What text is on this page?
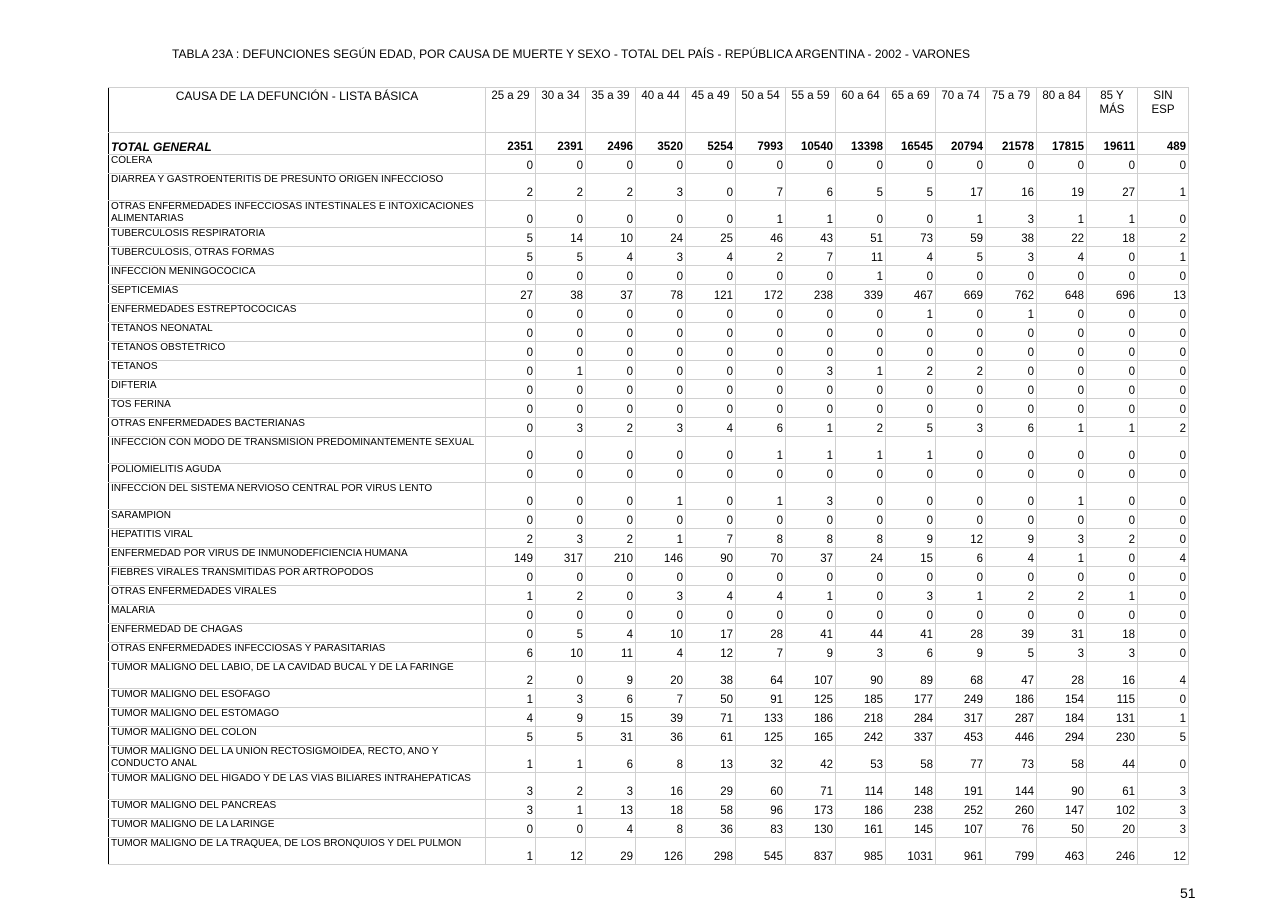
TABLA 23A : DEFUNCIONES SEGÚN EDAD, POR CAUSA DE MUERTE Y SEXO - TOTAL DEL PAÍS - REPÚBLICA ARGENTINA - 2002 - VARONES
CAUSA DE LA DEFUNCIÓN - LISTA BÁSICA	25 a 29	30 a 34	35 a 39	40 a 44	45 a 49	50 a 54	55 a 59	60 a 64	65 a 69	70 a 74	75 a 79	80 a 84	85 Y MÁS	SIN ESP
TOTAL GENERAL	2351	2391	2496	3520	5254	7993	10540	13398	16545	20794	21578	17815	19611	489
CÓLERA	0	0	0	0	0	0	0	0	0	0	0	0	0	0
DIARREA Y GASTROENTERITIS DE PRESUNTO ORIGEN INFECCIOSO	2	2	2	3	0	7	6	5	5	17	16	19	27	1
OTRAS ENFERMEDADES INFECCIOSAS INTESTINALES E INTOXICACIONES ALIMENTARIAS	0	0	0	0	0	1	1	0	0	1	3	1	1	0
TUBERCULOSIS RESPIRATORIA	5	14	10	24	25	46	43	51	73	59	38	22	18	2
TUBERCULOSIS, OTRAS FORMAS	5	5	4	3	4	2	7	11	4	5	3	4	0	1
INFECCIÓN MENINGOCÓCICA	0	0	0	0	0	0	0	1	0	0	0	0	0	0
SEPTICEMIAS	27	38	37	78	121	172	238	339	467	669	762	648	696	13
ENFERMEDADES ESTREPTOCÓCICAS	0	0	0	0	0	0	0	0	1	0	1	0	0	0
TÉTANOS NEONATAL	0	0	0	0	0	0	0	0	0	0	0	0	0	0
TÉTANOS OBSTÉTRICO	0	0	0	0	0	0	0	0	0	0	0	0	0	0
TÉTANOS	0	1	0	0	0	0	3	1	2	2	0	0	0	0
DIFTERIA	0	0	0	0	0	0	0	0	0	0	0	0	0	0
TOS FERINA	0	0	0	0	0	0	0	0	0	0	0	0	0	0
OTRAS ENFERMEDADES BACTERIANAS	0	3	2	3	4	6	1	2	5	3	6	1	1	2
INFECCIÓN CON MODO DE TRANSMISIÓN PREDOMINANTEMENTE SEXUAL	0	0	0	0	0	1	1	1	1	0	0	0	0	0
POLIOMIELITIS AGUDA	0	0	0	0	0	0	0	0	0	0	0	0	0	0
INFECCIÓN DEL SISTEMA NERVIOSO CENTRAL POR VIRUS LENTO	0	0	0	1	0	1	3	0	0	0	0	1	0	0
SARAMPIÓN	0	0	0	0	0	0	0	0	0	0	0	0	0	0
HEPATITIS VIRAL	2	3	2	1	7	8	8	8	9	12	9	3	2	0
ENFERMEDAD POR VIRUS DE INMUNODEFICIENCIA HUMANA	149	317	210	146	90	70	37	24	15	6	4	1	0	4
FIEBRES VIRALES TRANSMITIDAS POR ARTRÓPODOS	0	0	0	0	0	0	0	0	0	0	0	0	0	0
OTRAS ENFERMEDADES VIRALES	1	2	0	3	4	4	1	0	3	1	2	2	1	0
MALARIA	0	0	0	0	0	0	0	0	0	0	0	0	0	0
ENFERMEDAD DE CHAGAS	0	5	4	10	17	28	41	44	41	28	39	31	18	0
OTRAS ENFERMEDADES INFECCIOSAS Y PARASITARIAS	6	10	11	4	12	7	9	3	6	9	5	3	3	0
TUMOR MALIGNO DEL LABIO, DE LA CAVIDAD BUCAL Y DE LA FARINGE	2	0	9	20	38	64	107	90	89	68	47	28	16	4
TUMOR MALIGNO DEL ESÓFAGO	1	3	6	7	50	91	125	185	177	249	186	154	115	0
TUMOR MALIGNO DEL ESTÓMAGO	4	9	15	39	71	133	186	218	284	317	287	184	131	1
TUMOR MALIGNO DEL COLON	5	5	31	36	61	125	165	242	337	453	446	294	230	5
TUMOR MALIGNO DEL LA UNIÓN RECTOSIGMOIDEA, RECTO, ANO Y CONDUCTO ANAL	1	1	6	8	13	32	42	53	58	77	73	58	44	0
TUMOR MALIGNO DEL HÍGADO Y DE LAS VÍAS BILIARES INTRAHEPÁTICAS	3	2	3	16	29	60	71	114	148	191	144	90	61	3
TUMOR MALIGNO DEL PÁNCREAS	3	1	13	18	58	96	173	186	238	252	260	147	102	3
TUMOR MALIGNO DE LA LARINGE	0	0	4	8	36	83	130	161	145	107	76	50	20	3
TUMOR MALIGNO DE LA TRÁQUEA, DE LOS BRONQUIOS Y DEL PULMÓN	1	12	29	126	298	545	837	985	1031	961	799	463	246	12
51
